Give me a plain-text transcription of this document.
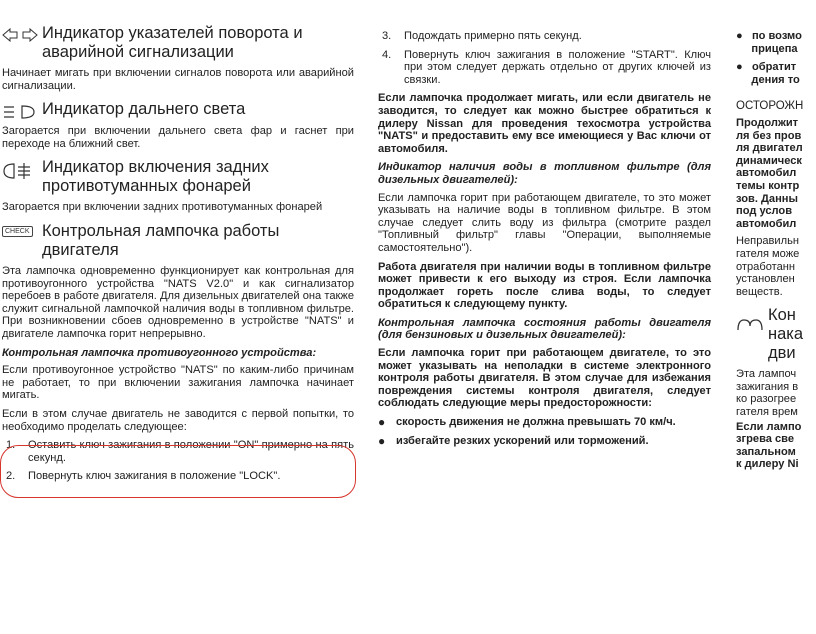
Индикатор указателей поворота и аварийной сигнализации

Начинает мигать при включении сигналов поворота или аварийной сигнализации.

Индикатор дальнего света

Загорается при включении дальнего света фар и гаснет при переходе на ближний свет.

Индикатор включения задних противотуманных фонарей

Загорается при включении задних противотуманных фонарей

CHECK Контрольная лампочка работы двигателя

Эта лампочка одновременно функционирует как контрольная для противоугонного устройства "NATS V2.0" и как сигнализатор перебоев в работе двигателя. Для дизельных двигателей она также служит сигнальной лампочкой наличия воды в топливном фильтре. При возникновении сбоев одновременно в устройстве "NATS" и двигателе лампочка горит непрерывно.

Контрольная лампочка противоугонного устройства:

Если противоугонное устройство "NATS" по каким-либо причинам не работает, то при включении зажигания лампочка начинает мигать.

Если в этом случае двигатель не заводится с первой попытки, то необходимо проделать следующее:

1.	Оставить ключ зажигания в положении "ON" примерно на пять секунд.
2.	Повернуть ключ зажигания в положение "LOCK".
3.	Подождать примерно пять секунд.
4.	Повернуть ключ зажигания в положение "START". Ключ при этом следует держать отдельно от других ключей из связки.

Если лампочка продолжает мигать, или если двигатель не заводится, то следует как можно быстрее обратиться к дилеру Nissan для проведения техосмотра устройства "NATS" и предоставить ему все имеющиеся у Вас ключи от автомобиля.

Индикатор наличия воды в топливном фильтре (для дизельных двигателей):

Если лампочка горит при работающем двигателе, то это может указывать на наличие воды в топливном фильтре. В этом случае следует слить воду из фильтра (смотрите раздел "Топливный фильтр" главы "Операции, выполняемые самостоятельно").

Работа двигателя при наличии воды в топливном фильтре может привести к его выходу из строя. Если лампочка продолжает гореть после слива воды, то следует обратиться к следующему пункту.

Контрольная лампочка состояния работы двигателя (для бензиновых и дизельных двигателей):

Если лампочка горит при работающем двигателе, то это может указывать на неполадки в системе электронного контроля работы двигателя. В этом случае для избежания повреждения системы контроля двигателя, следует соблюдать следующие меры предосторожности:

● скорость движения не должна превышать 70 км/ч.
● избегайте резких ускорений или торможений.
● по возмо
прицепа
● обратит
дения то
ОСТОРОЖН
Продолжит
ля без пров
ля двигател
динамическ
автомобил
темы контр
зов. Данны
под услов
автомобил
Неправильн
гателя може
отработанн
установлен
веществ.
Кон
нака
дви
Эта лампоч
зажигания в
ко разогрее
гателя врем
Если лампо
згрева све
запальном
к дилеру Ni
